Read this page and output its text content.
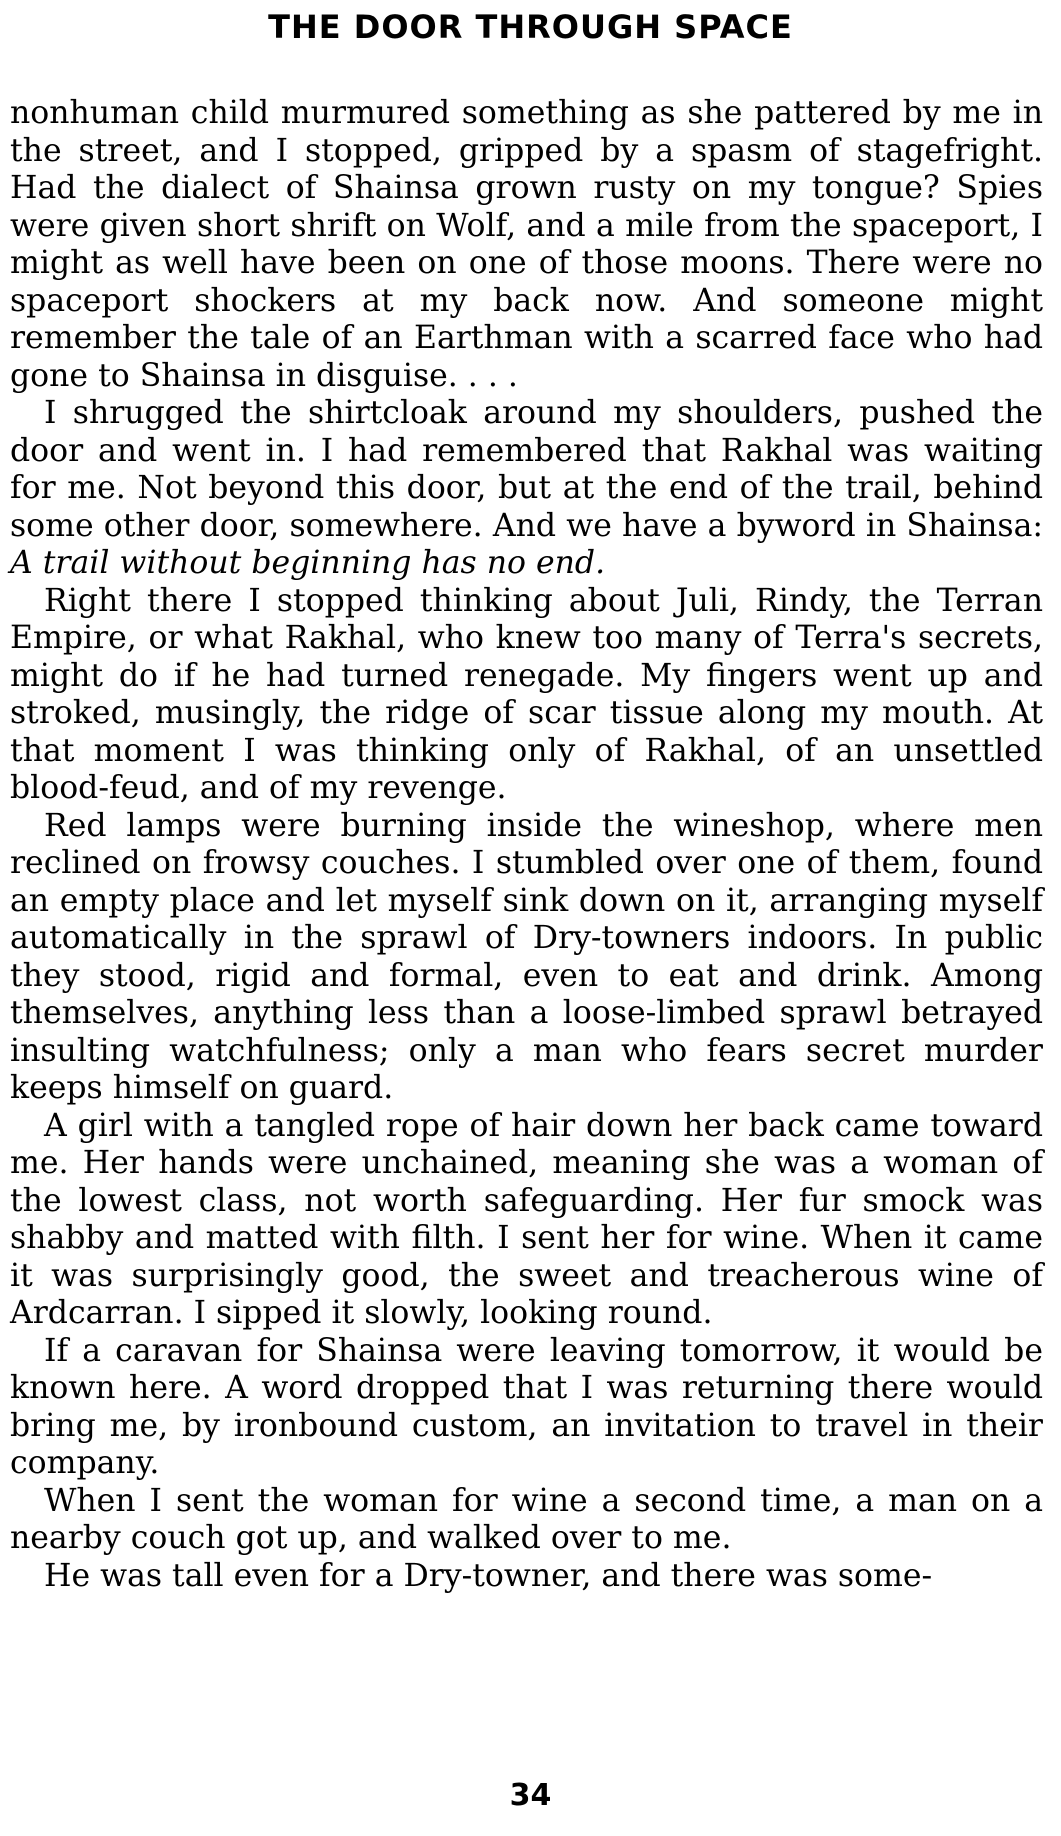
THE DOOR THROUGH SPACE

nonhuman child murmured something as she pattered by me in the street, and I stopped, gripped by a spasm of stagefright. Had the dialect of Shainsa grown rusty on my tongue? Spies were given short shrift on Wolf, and a mile from the spaceport, I might as well have been on one of those moons. There were no spaceport shockers at my back now. And someone might remember the tale of an Earthman with a scarred face who had gone to Shainsa in disguise. . . .

I shrugged the shirtcloak around my shoulders, pushed the door and went in. I had remembered that Rakhal was waiting for me. Not beyond this door, but at the end of the trail, behind some other door, somewhere. And we have a byword in Shainsa: A trail without beginning has no end.

Right there I stopped thinking about Juli, Rindy, the Terran Empire, or what Rakhal, who knew too many of Terra's secrets, might do if he had turned renegade. My fingers went up and stroked, musingly, the ridge of scar tissue along my mouth. At that moment I was thinking only of Rakhal, of an unsettled blood-feud, and of my revenge.

Red lamps were burning inside the wineshop, where men reclined on frowsy couches. I stumbled over one of them, found an empty place and let myself sink down on it, arranging myself automatically in the sprawl of Dry-towners indoors. In public they stood, rigid and formal, even to eat and drink. Among themselves, anything less than a loose-limbed sprawl betrayed insulting watchfulness; only a man who fears secret murder keeps himself on guard.

A girl with a tangled rope of hair down her back came toward me. Her hands were unchained, meaning she was a woman of the lowest class, not worth safeguarding. Her fur smock was shabby and matted with filth. I sent her for wine. When it came it was surprisingly good, the sweet and treacherous wine of Ardcarran. I sipped it slowly, looking round.

If a caravan for Shainsa were leaving tomorrow, it would be known here. A word dropped that I was returning there would bring me, by ironbound custom, an invitation to travel in their company.

When I sent the woman for wine a second time, a man on a nearby couch got up, and walked over to me.

He was tall even for a Dry-towner, and there was some-

34
